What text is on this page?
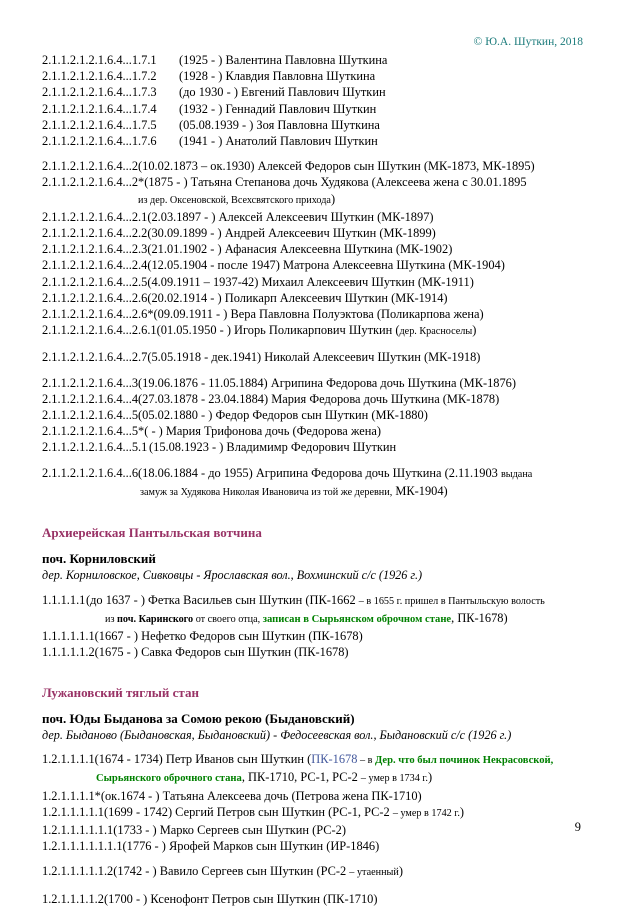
© Ю.А. Шуткин, 2018
2.1.1.2.1.2.1.6.4...1.7.1 (1925 - ) Валентина Павловна Шуткина
2.1.1.2.1.2.1.6.4...1.7.2 (1928 - ) Клавдия Павловна Шуткина
2.1.1.2.1.2.1.6.4...1.7.3 (до 1930 - ) Евгений Павлович Шуткин
2.1.1.2.1.2.1.6.4...1.7.4 (1932 - ) Геннадий Павлович Шуткин
2.1.1.2.1.2.1.6.4...1.7.5 (05.08.1939 - ) Зоя Павловна Шуткина
2.1.1.2.1.2.1.6.4...1.7.6 (1941 - ) Анатолий Павлович Шуткин
2.1.1.2.1.2.1.6.4...2(10.02.1873 – ок.1930) Алексей Федоров сын Шуткин (МК-1873, МК-1895)
2.1.1.2.1.2.1.6.4...2*(1875 - ) Татьяна Степанова дочь Худякова (Алексеева жена с 30.01.1895
из дер. Оксеновской, Всехсвятского прихода)
2.1.1.2.1.2.1.6.4...2.1(2.03.1897 - ) Алексей Алексеевич Шуткин (МК-1897)
2.1.1.2.1.2.1.6.4...2.2(30.09.1899 - ) Андрей Алексеевич Шуткин (МК-1899)
2.1.1.2.1.2.1.6.4...2.3(21.01.1902 - ) Афанасия Алексеевна Шуткина (МК-1902)
2.1.1.2.1.2.1.6.4...2.4(12.05.1904 - после 1947) Матрона Алексеевна Шуткина (МК-1904)
2.1.1.2.1.2.1.6.4...2.5(4.09.1911 – 1937-42) Михаил Алексеевич Шуткин (МК-1911)
2.1.1.2.1.2.1.6.4...2.6(20.02.1914 - ) Поликарп Алексеевич Шуткин (МК-1914)
2.1.1.2.1.2.1.6.4...2.6*(09.09.1911 - ) Вера Павловна Полуэктова (Поликарпова жена)
2.1.1.2.1.2.1.6.4...2.6.1(01.05.1950 - ) Игорь Поликарпович Шуткин (дер. Красноселы)
2.1.1.2.1.2.1.6.4...2.7(5.05.1918 - дек.1941) Николай Алексеевич Шуткин (МК-1918)
2.1.1.2.1.2.1.6.4...3(19.06.1876 - 11.05.1884) Агрипина Федорова дочь Шуткина (МК-1876)
2.1.1.2.1.2.1.6.4...4(27.03.1878 - 23.04.1884) Мария Федорова дочь Шуткина (МК-1878)
2.1.1.2.1.2.1.6.4...5(05.02.1880 - ) Федор Федоров сын Шуткин (МК-1880)
2.1.1.2.1.2.1.6.4...5*( - ) Мария Трифонова дочь (Федорова жена)
2.1.1.2.1.2.1.6.4...5.1 (15.08.1923 - ) Владимимр Федорович Шуткин
2.1.1.2.1.2.1.6.4...6(18.06.1884 - до 1955) Агрипина Федорова дочь Шуткина (2.11.1903 выдана
замуж за Худякова Николая Ивановича из той же деревни, МК-1904)
Архиерейская Пантыльская вотчина
поч. Корниловский
дер. Корниловское, Сивковцы - Ярославская вол., Вохминский с/с (1926 г.)
1.1.1.1.1(до 1637 - ) Фетка Васильев сын Шуткин (ПК-1662 – в 1655 г. пришел в Пантыльскую волость
из поч. Каринского от своего отца, записан в Сырьянском оброчном стане, ПК-1678)
1.1.1.1.1.1(1667 - ) Нефетко Федоров сын Шуткин (ПК-1678)
1.1.1.1.1.2(1675 - ) Савка Федоров сын Шуткин (ПК-1678)
Лужановский тяглый стан
поч. Юды Быданова за Сомою рекою (Быдановский)
дер. Быданово (Быдановская, Быдановский) - Федосеевская вол., Быдановский с/с (1926 г.)
1.2.1.1.1.1(1674 - 1734) Петр Иванов сын Шуткин (ПК-1678 – в Дер. что был починок Некрасовской,
Сырьянского оброчного стана, ПК-1710, РС-1, РС-2 – умер в 1734 г.)
1.2.1.1.1.1*(ок.1674 - ) Татьяна Алексеева дочь (Петрова жена ПК-1710)
1.2.1.1.1.1.1(1699 - 1742) Сергий Петров сын Шуткин (РС-1, РС-2 – умер в 1742 г.)
1.2.1.1.1.1.1.1(1733 - ) Марко Сергеев сын Шуткин (РС-2)
1.2.1.1.1.1.1.1.1(1776 - ) Ярофей Марков сын Шуткин (ИР-1846)
1.2.1.1.1.1.1.2(1742 - ) Вавило Сергеев сын Шуткин (РС-2 – утаенный)
1.2.1.1.1.1.2(1700 - ) Ксенофонт Петров сын Шуткин (ПК-1710)
9
